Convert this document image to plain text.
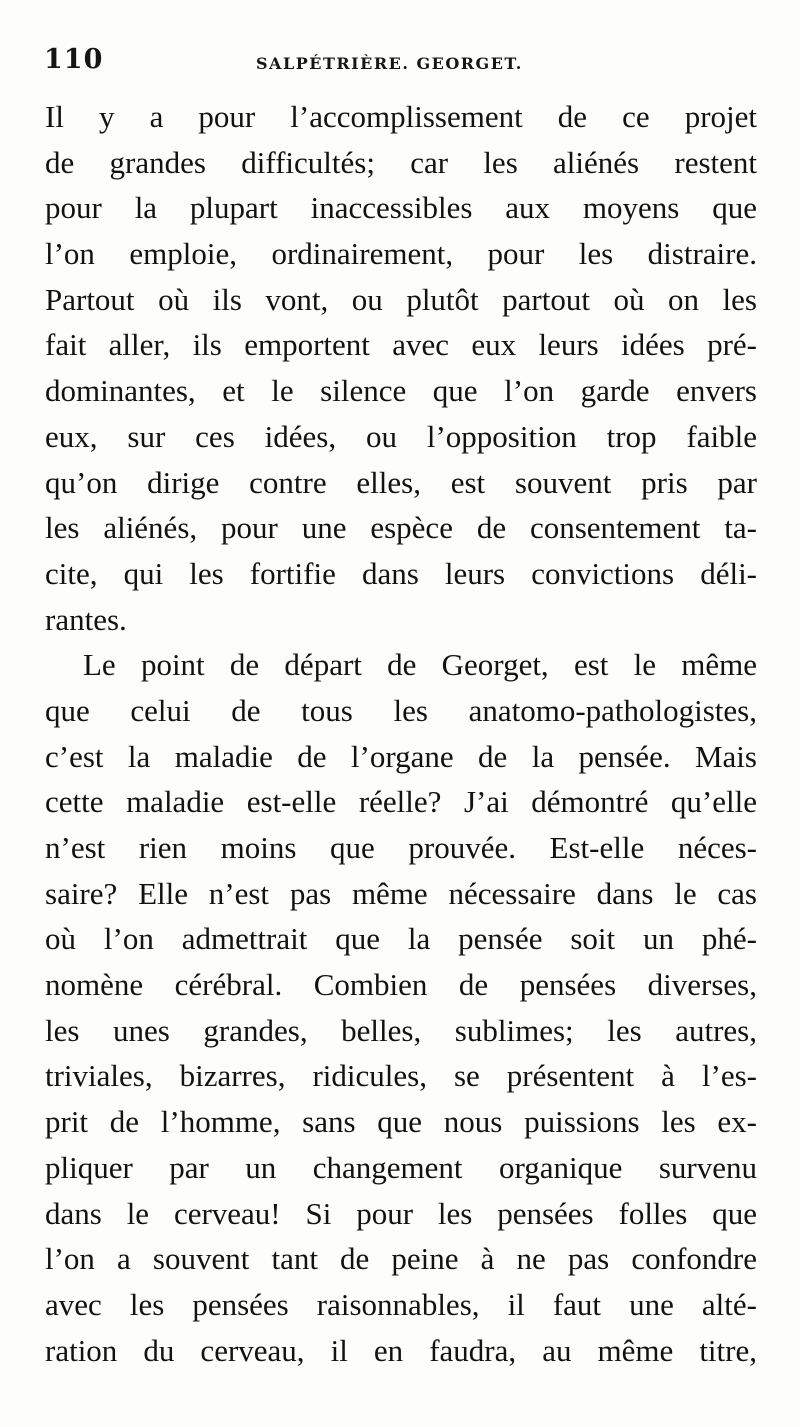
110	SALPÉTRIÈRE. GEORGET.
Il y a pour l’accomplissement de ce projet
de grandes difficultés; car les aliénés restent
pour la plupart inaccessibles aux moyens que
l’on emploie, ordinairement, pour les distraire.
Partout où ils vont, ou plutôt partout où on les
fait aller, ils emportent avec eux leurs idées pré-
dominantes, et le silence que l’on garde envers
eux, sur ces idées, ou l’opposition trop faible
qu’on dirige contre elles, est souvent pris par
les aliénés, pour une espèce de consentement ta-
cite, qui les fortifie dans leurs convictions déli-
rantes.
Le point de départ de Georget, est le même
que celui de tous les anatomo-pathologistes,
c’est la maladie de l’organe de la pensée. Mais
cette maladie est-elle réelle? J’ai démontré qu’elle
n’est rien moins que prouvée. Est-elle néces-
saire? Elle n’est pas même nécessaire dans le cas
où l’on admettrait que la pensée soit un phé-
nomène cérébral. Combien de pensées diverses,
les unes grandes, belles, sublimes; les autres,
triviales, bizarres, ridicules, se présentent à l’es-
prit de l’homme, sans que nous puissions les ex-
pliquer par un changement organique survenu
dans le cerveau! Si pour les pensées folles que
l’on a souvent tant de peine à ne pas confondre
avec les pensées raisonnables, il faut une alté-
ration du cerveau, il en faudra, au même titre,
